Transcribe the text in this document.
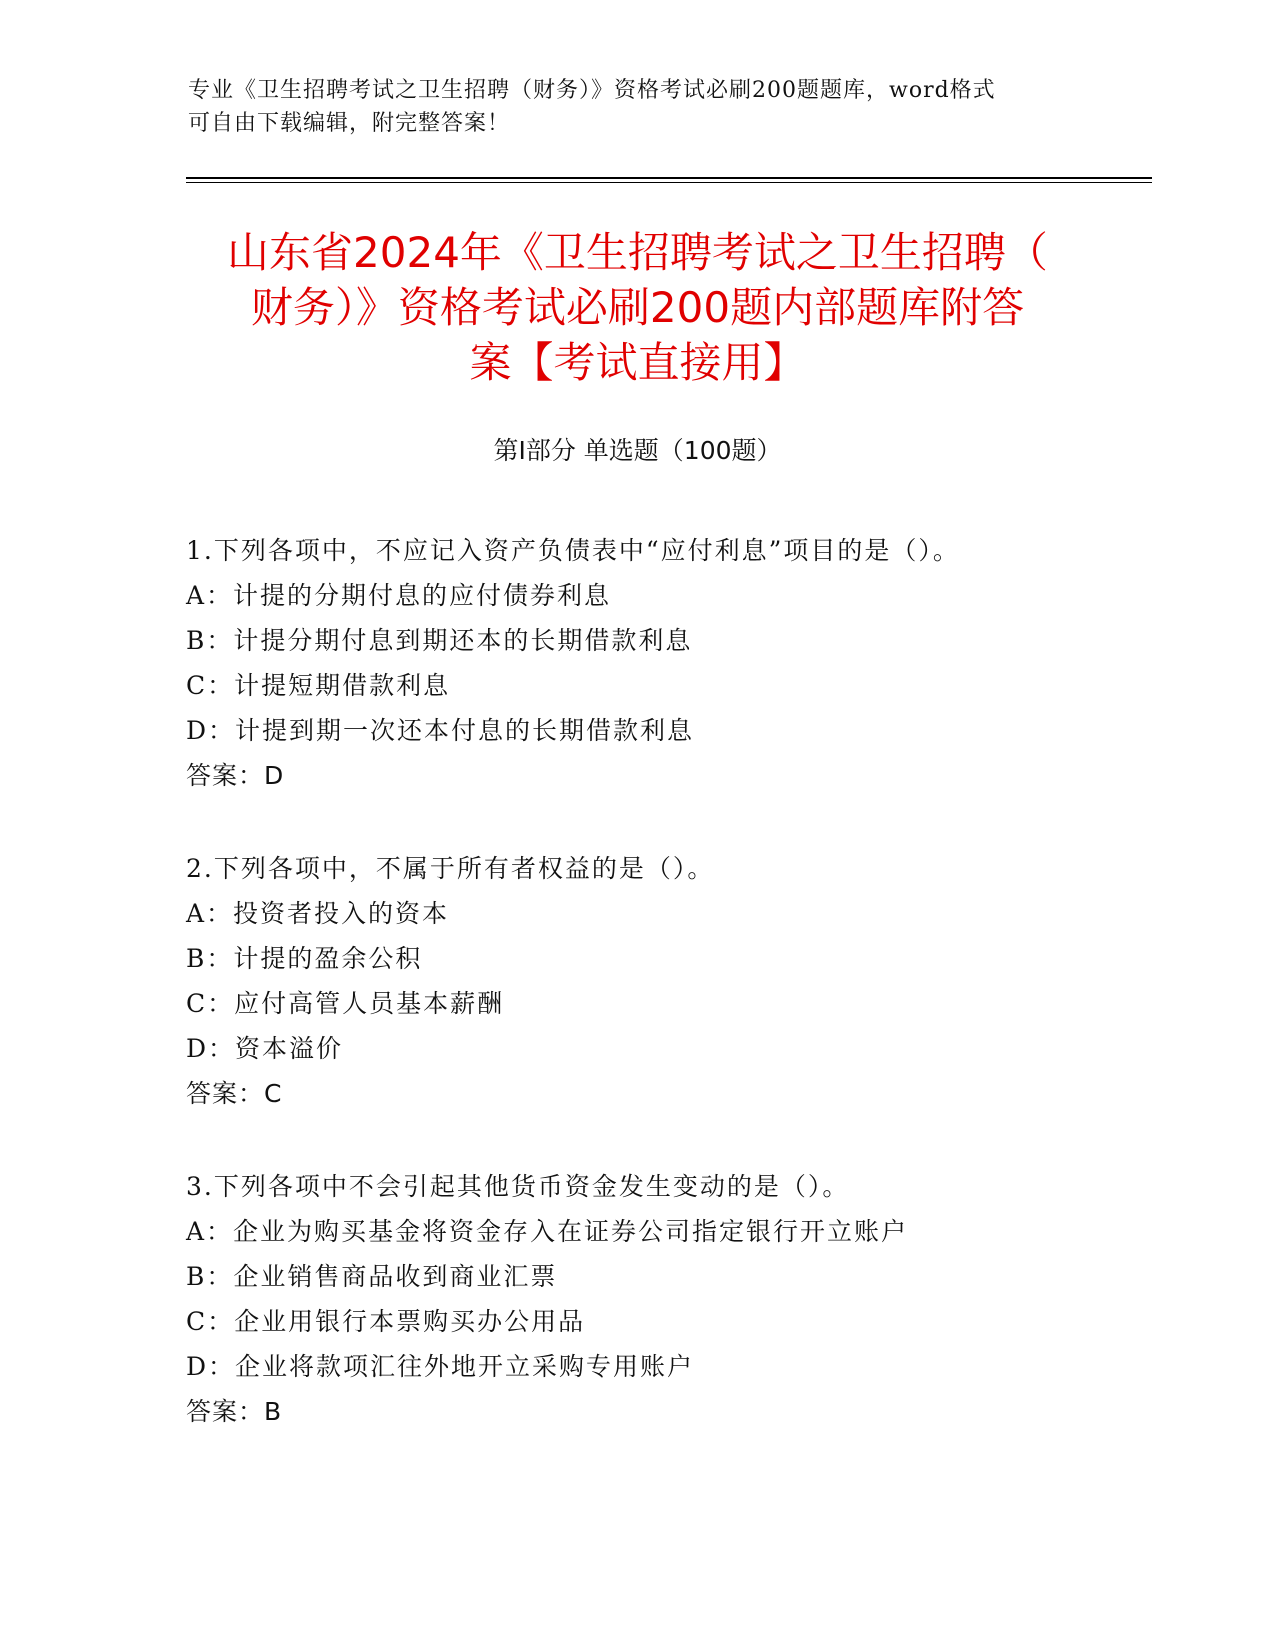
专业《卫生招聘考试之卫生招聘（财务）》资格考试必刷200题题库，word格式
可自由下载编辑，附完整答案！
山东省2024年《卫生招聘考试之卫生招聘（
财务）》资格考试必刷200题内部题库附答
案【考试直接用】
第Ⅰ部分 单选题（100题）
1.下列各项中，不应记入资产负债表中“应付利息”项目的是（）。
A：计提的分期付息的应付债券利息
B：计提分期付息到期还本的长期借款利息
C：计提短期借款利息
D：计提到期一次还本付息的长期借款利息
答案：D
2.下列各项中，不属于所有者权益的是（）。
A：投资者投入的资本
B：计提的盈余公积
C：应付高管人员基本薪酬
D：资本溢价
答案：C
3.下列各项中不会引起其他货币资金发生变动的是（）。
A：企业为购买基金将资金存入在证券公司指定银行开立账户
B：企业销售商品收到商业汇票
C：企业用银行本票购买办公用品
D：企业将款项汇往外地开立采购专用账户
答案：B
